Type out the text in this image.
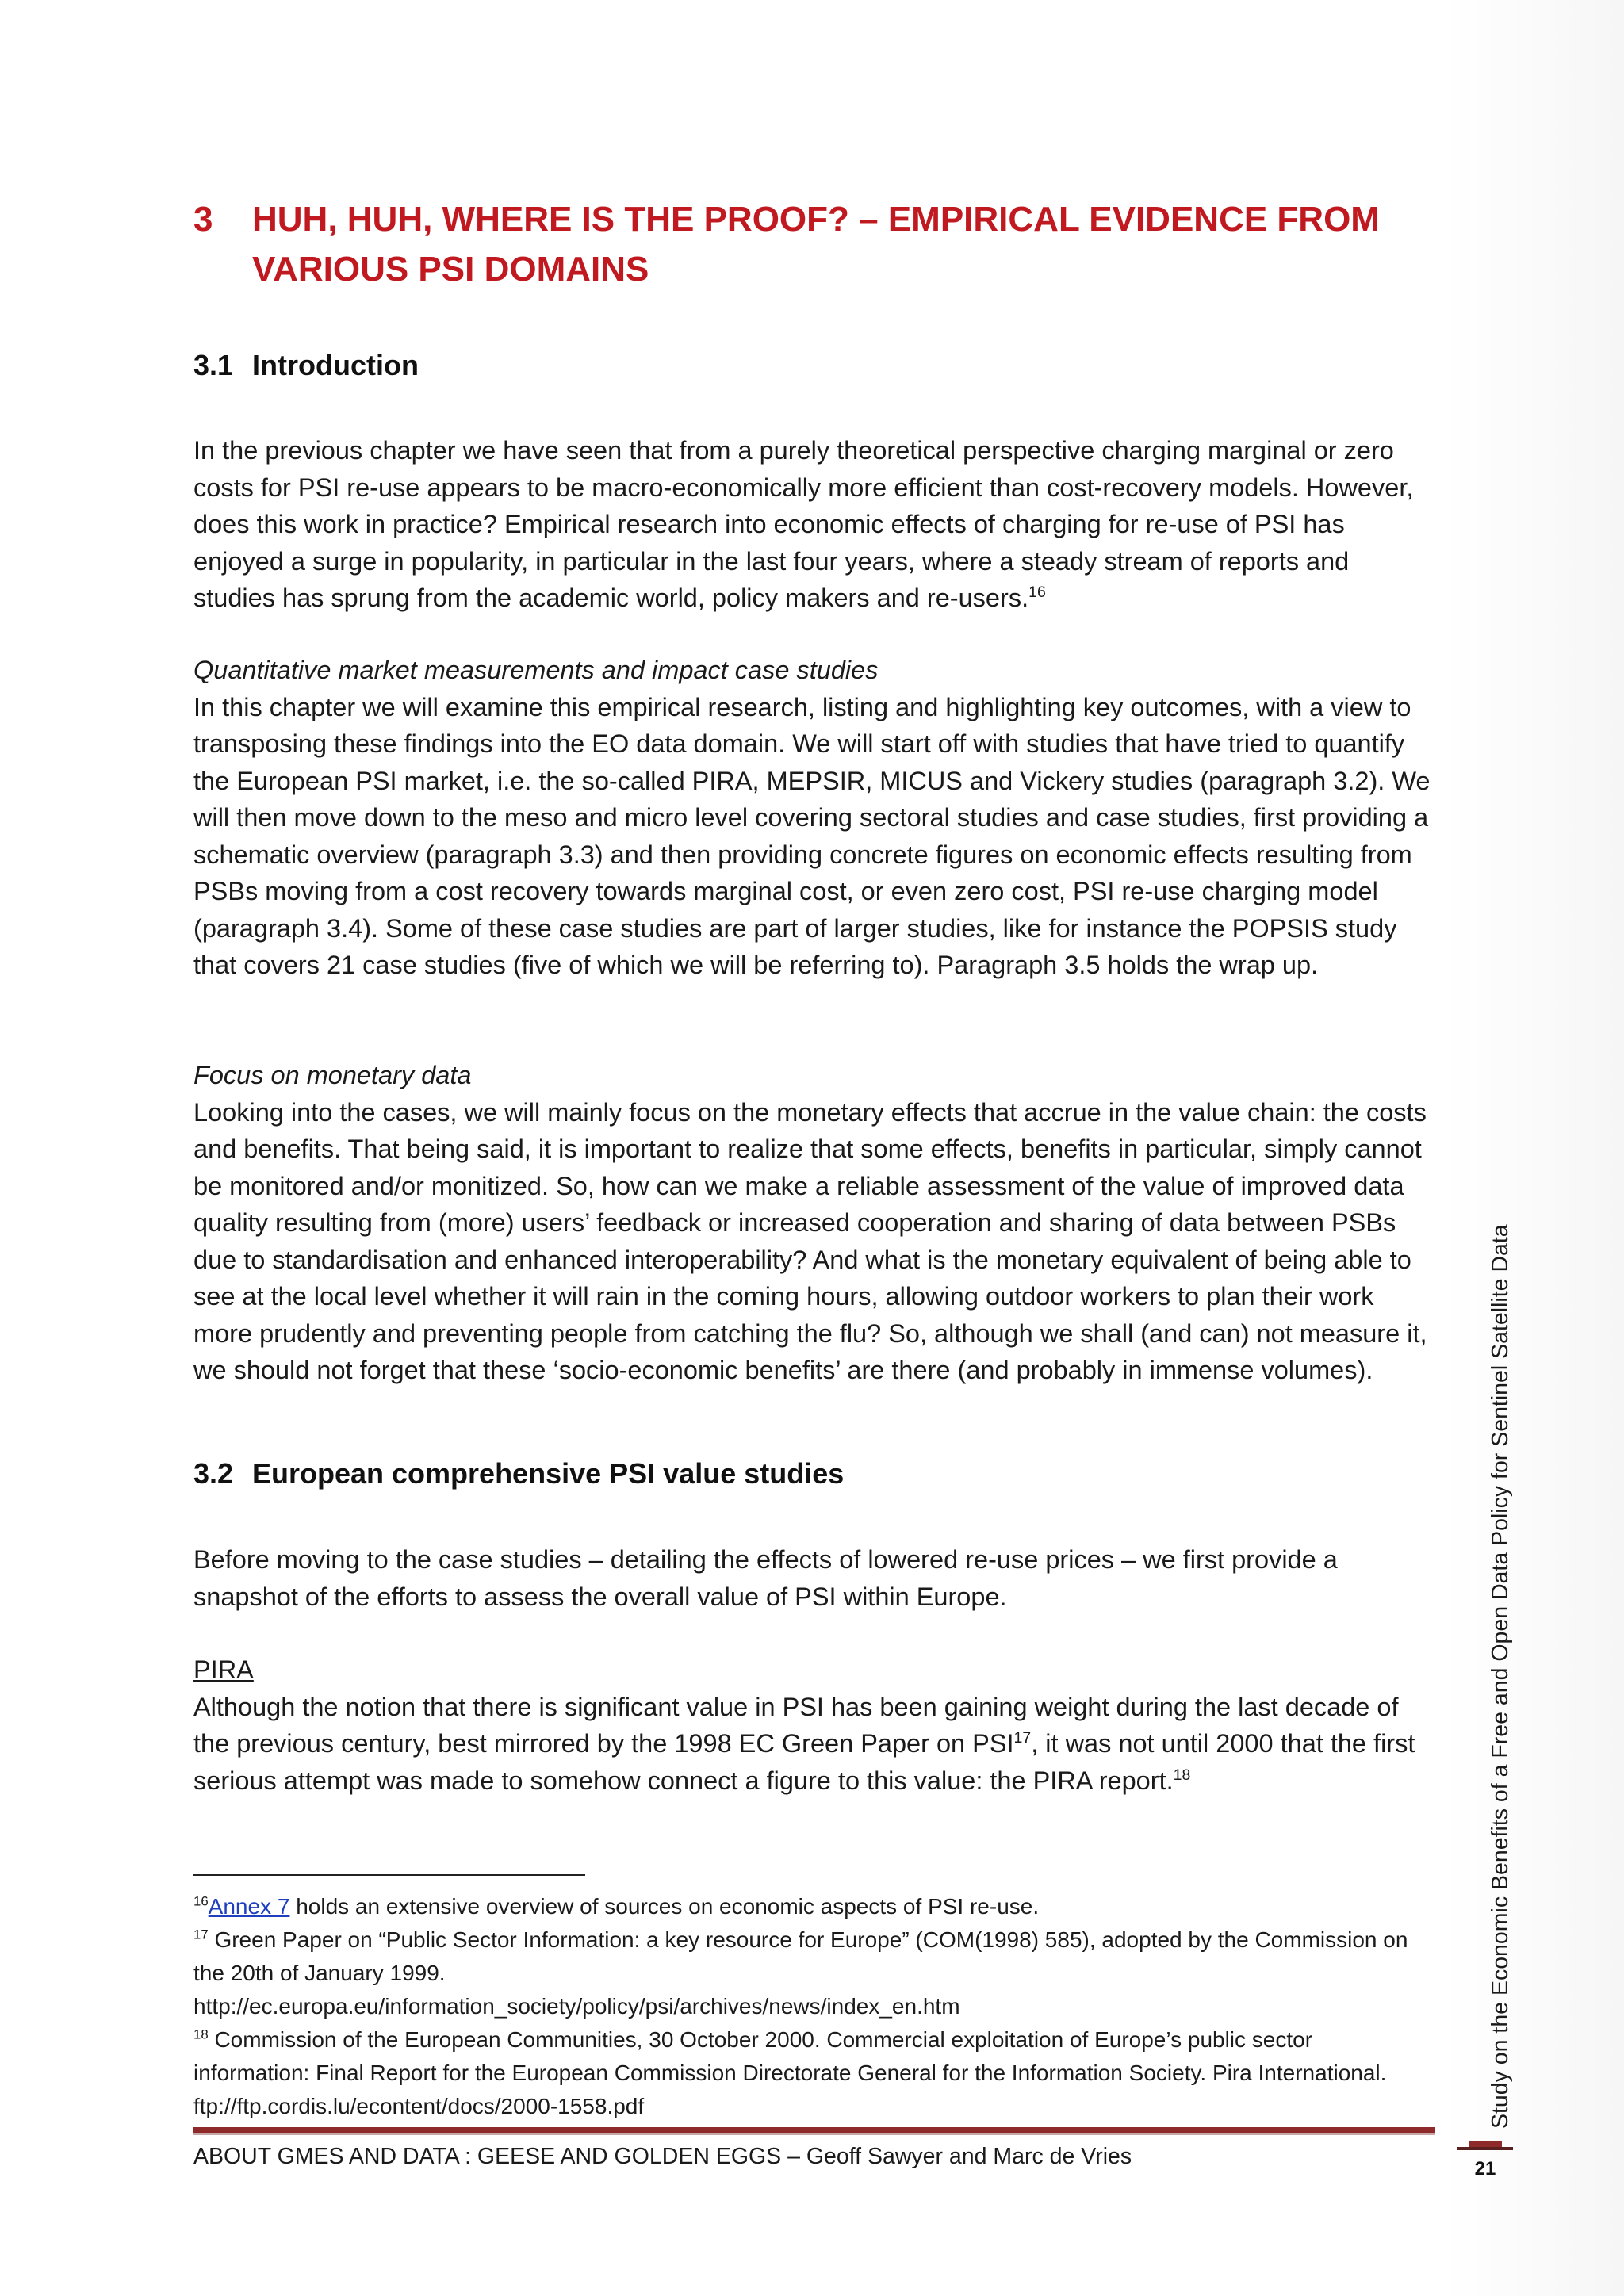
3 HUH, HUH, WHERE IS THE PROOF? – EMPIRICAL EVIDENCE FROM VARIOUS PSI DOMAINS
3.1 Introduction

In the previous chapter we have seen that from a purely theoretical perspective charging marginal or zero costs for PSI re-use appears to be macro-economically more efficient than cost-recovery models. However, does this work in practice? Empirical research into economic effects of charging for re-use of PSI has enjoyed a surge in popularity, in particular in the last four years, where a steady stream of reports and studies has sprung from the academic world, policy makers and re-users.$^{16}$

Quantitative market measurements and impact case studies
In this chapter we will examine this empirical research, listing and highlighting key outcomes, with a view to transposing these findings into the EO data domain. We will start off with studies that have tried to quantify the European PSI market, i.e. the so-called PIRA, MEPSIR, MICUS and Vickery studies (paragraph 3.2). We will then move down to the meso and micro level covering sectoral studies and case studies, first providing a schematic overview (paragraph 3.3) and then providing concrete figures on economic effects resulting from PSBs moving from a cost recovery towards marginal cost, or even zero cost, PSI re-use charging model (paragraph 3.4). Some of these case studies are part of larger studies, like for instance the POPSIS study that covers 21 case studies (five of which we will be referring to). Paragraph 3.5 holds the wrap up.

Focus on monetary data
Looking into the cases, we will mainly focus on the monetary effects that accrue in the value chain: the costs and benefits. That being said, it is important to realize that some effects, benefits in particular, simply cannot be monitored and/or monitized. So, how can we make a reliable assessment of the value of improved data quality resulting from (more) users’ feedback or increased cooperation and sharing of data between PSBs due to standardisation and enhanced interoperability? And what is the monetary equivalent of being able to see at the local level whether it will rain in the coming hours, allowing outdoor workers to plan their work more prudently and preventing people from catching the flu? So, although we shall (and can) not measure it, we should not forget that these ‘socio-economic benefits’ are there (and probably in immense volumes).

3.2 European comprehensive PSI value studies

Before moving to the case studies – detailing the effects of lowered re-use prices – we first provide a snapshot of the efforts to assess the overall value of PSI within Europe.

PIRA
Although the notion that there is significant value in PSI has been gaining weight during the last decade of the previous century, best mirrored by the 1998 EC Green Paper on PSI$^{17}$, it was not until 2000 that the first serious attempt was made to somehow connect a figure to this value: the PIRA report.$^{18}$

$^{16}$Annex 7 holds an extensive overview of sources on economic aspects of PSI re-use.

$^{17}$ Green Paper on “Public Sector Information: a key resource for Europe” (COM(1998) 585), adopted by the Commission on the 20th of January 1999.

http://ec.europa.eu/information_society/policy/psi/archives/news/index_en.htm

$^{18}$ Commission of the European Communities, 30 October 2000. Commercial exploitation of Europe’s public sector information: Final Report for the European Commission Directorate General for the Information Society. Pira International. ftp://ftp.cordis.lu/econtent/docs/2000-1558.pdf

ABOUT GMES AND DATA : GEESE AND GOLDEN EGGS – Geoff Sawyer and Marc de Vries
Study on the Economic Benefits of a Free and Open Data Policy for Sentinel Satellite Data
21
